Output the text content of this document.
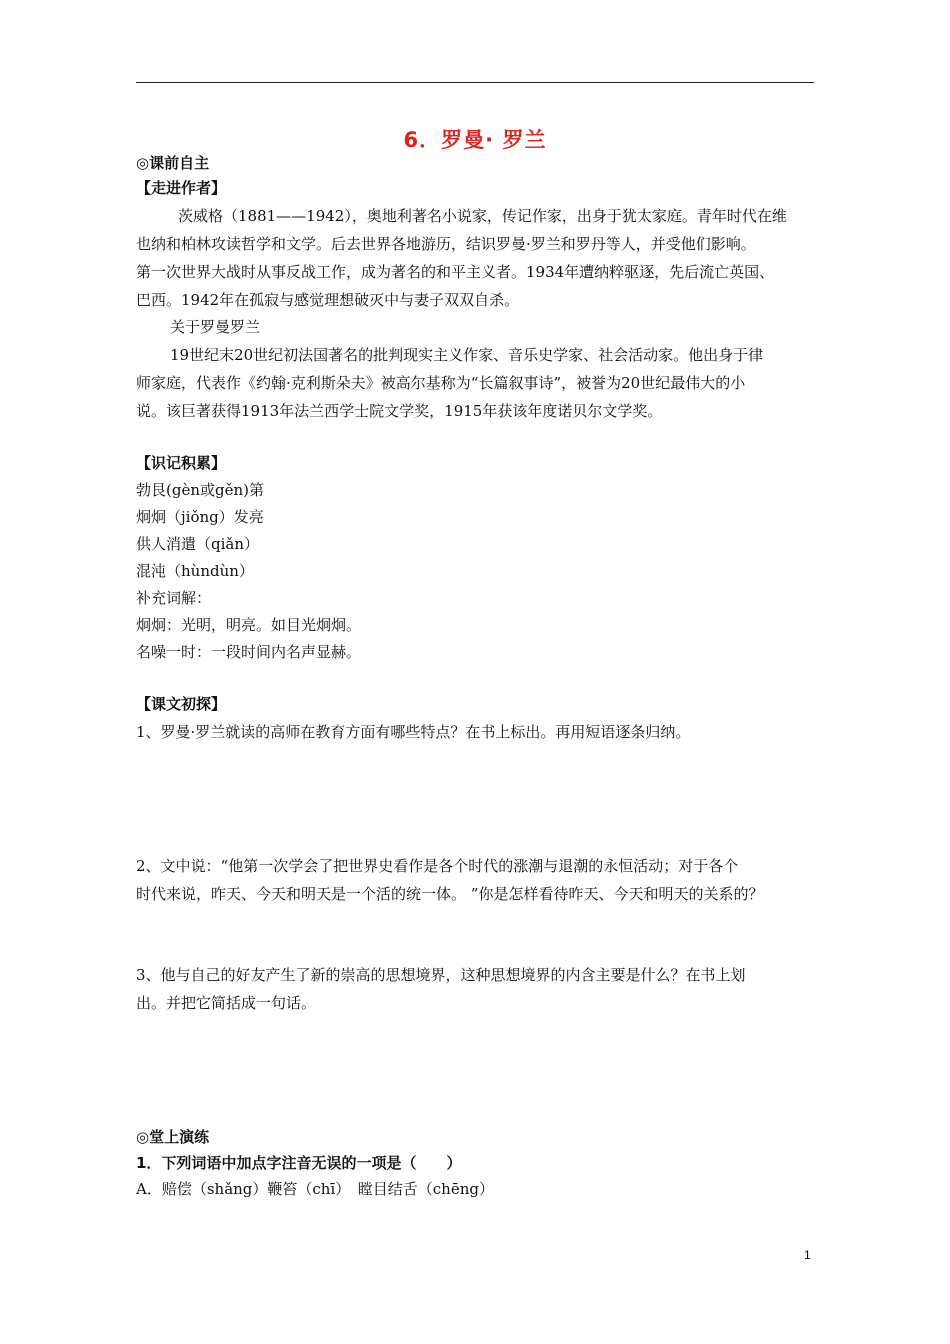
6．罗曼· 罗兰
◎课前自主
【走进作者】
茨威格（1881——1942），奥地利著名小说家，传记作家，出身于犹太家庭。青年时代在维
也纳和柏林攻读哲学和文学。后去世界各地游历，结识罗曼·罗兰和罗丹等人，并受他们影响。
第一次世界大战时从事反战工作，成为著名的和平主义者。1934年遭纳粹驱逐，先后流亡英国、
巴西。1942年在孤寂与感觉理想破灭中与妻子双双自杀。
关于罗曼罗兰
19世纪末20世纪初法国著名的批判现实主义作家、音乐史学家、社会活动家。他出身于律
师家庭，代表作《约翰·克利斯朵夫》被高尔基称为“长篇叙事诗”，被誉为20世纪最伟大的小
说。该巨著获得1913年法兰西学士院文学奖，1915年获该年度诺贝尔文学奖。
【识记积累】
勃艮(gèn或gěn)第
炯炯（jiǒng）发亮
供人消遣（qiǎn）
混沌（hùndùn）
补充词解：
炯炯：光明，明亮。如目光炯炯。
名噪一时：一段时间内名声显赫。
【课文初探】
1、罗曼·罗兰就读的高师在教育方面有哪些特点？在书上标出。再用短语逐条归纳。
2、文中说：“他第一次学会了把世界史看作是各个时代的涨潮与退潮的永恒活动；对于各个
时代来说，昨天、今天和明天是一个活的统一体。 ”你是怎样看待昨天、今天和明天的关系的？
3、他与自己的好友产生了新的崇高的思想境界，这种思想境界的内含主要是什么？在书上划
出。并把它简括成一句话。
◎堂上演练
1．下列词语中加点字注音无误的一项是（　　）
A．赔偿（shǎng）鞭笞（chī）　瞠目结舌（chēng）
1
